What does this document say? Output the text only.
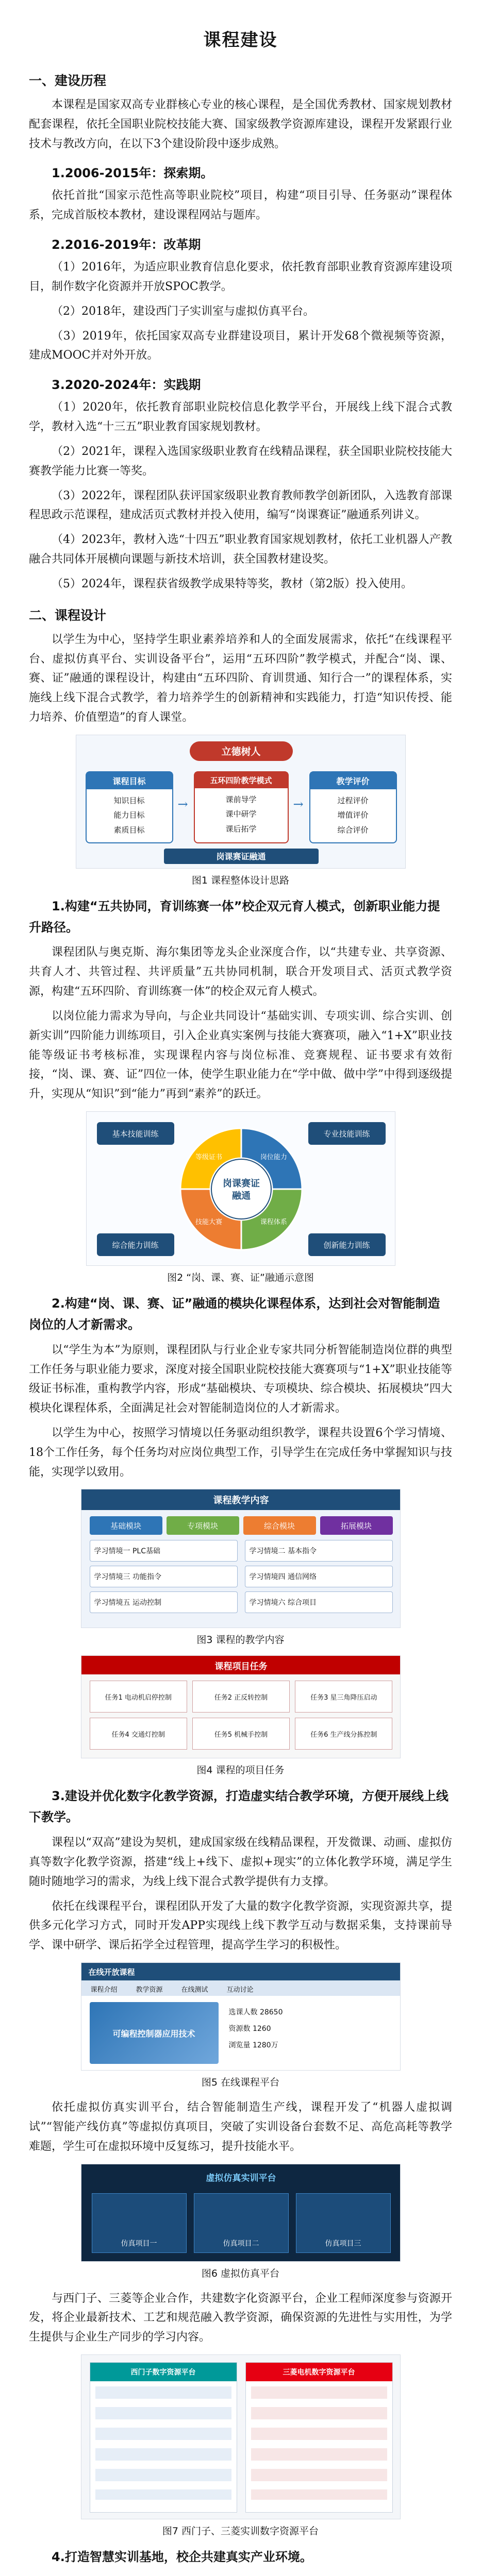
课程建设
一、建设历程

本课程是国家双高专业群核心专业的核心课程，是全国优秀教材、国家规划教材配套课程，依托全国职业院校技能大赛、国家级教学资源库建设，课程开发紧跟行业技术与教改方向，在以下3个建设阶段中逐步成熟。

1.2006-2015年：探索期。

依托首批“国家示范性高等职业院校”项目，构建“项目引导、任务驱动”课程体系，完成首版校本教材，建设课程网站与题库。

2.2016-2019年：改革期

（1）2016年，为适应职业教育信息化要求，依托教育部职业教育资源库建设项目，制作数字化资源并开放SPOC教学。

（2）2018年，建设西门子实训室与虚拟仿真平台。

（3）2019年，依托国家双高专业群建设项目，累计开发68个微视频等资源，建成MOOC并对外开放。

3.2020-2024年：实践期

（1）2020年，依托教育部职业院校信息化教学平台，开展线上线下混合式教学，教材入选“十三五”职业教育国家规划教材。

（2）2021年，课程入选国家级职业教育在线精品课程，获全国职业院校技能大赛教学能力比赛一等奖。

（3）2022年，课程团队获评国家级职业教育教师教学创新团队，入选教育部课程思政示范课程，建成活页式教材并投入使用，编写“岗课赛证”融通系列讲义。

（4）2023年，教材入选“十四五”职业教育国家规划教材，依托工业机器人产教融合共同体开展横向课题与新技术培训，获全国教材建设奖。

（5）2024年，课程获省级教学成果特等奖，教材（第2版）投入使用。

二、课程设计

以学生为中心，坚持学生职业素养培养和人的全面发展需求，依托“在线课程平台、虚拟仿真平台、实训设备平台”，运用“五环四阶”教学模式，并配合“岗、课、赛、证”融通的课程设计，构建由“五环四阶、育训贯通、知行合一”的课程体系，实施线上线下混合式教学，着力培养学生的创新精神和实践能力，打造“知识传授、能力培养、价值塑造”的育人课堂。

立德树人
课程目标
知识目标
能力目标
素质目标
→
五环四阶教学模式
课前导学
课中研学
课后拓学
→
教学评价
过程评价
增值评价
综合评价
岗课赛证融通
图1 课程整体设计思路
1.构建“五共协同，育训练赛一体”校企双元育人模式，创新职业能力提升路径。

课程团队与奥克斯、海尔集团等龙头企业深度合作，以“共建专业、共享资源、共育人才、共管过程、共评质量”五共协同机制，联合开发项目式、活页式教学资源，构建“五环四阶、育训练赛一体”的校企双元育人模式。

以岗位能力需求为导向，与企业共同设计“基础实训、专项实训、综合实训、创新实训”四阶能力训练项目，引入企业真实案例与技能大赛赛项，融入“1+X”职业技能等级证书考核标准，实现课程内容与岗位标准、竞赛规程、证书要求有效衔接，“岗、课、赛、证”四位一体，使学生职业能力在“学中做、做中学”中得到逐级提升，实现从“知识”到“能力”再到“素养”的跃迁。

基本技能训练	专业技能训练
综合能力训练	创新能力训练
岗课赛证
融通
岗位能力
课程体系
技能大赛
等级证书
图2 “岗、课、赛、证”融通示意图
2.构建“岗、课、赛、证”融通的模块化课程体系，达到社会对智能制造岗位的人才新需求。

以“学生为本”为原则，课程团队与行业企业专家共同分析智能制造岗位群的典型工作任务与职业能力要求，深度对接全国职业院校技能大赛赛项与“1+X”职业技能等级证书标准，重构教学内容，形成“基础模块、专项模块、综合模块、拓展模块”四大模块化课程体系，全面满足社会对智能制造岗位的人才新需求。

以学生为中心，按照学习情境以任务驱动组织教学，课程共设置6个学习情境、18个工作任务，每个任务均对应岗位典型工作，引导学生在完成任务中掌握知识与技能，实现学以致用。

课程教学内容
基础模块	专项模块	综合模块	拓展模块
学习情境一 PLC基础	学习情境二 基本指令
学习情境三 功能指令	学习情境四 通信网络
学习情境五 运动控制	学习情境六 综合项目
图3 课程的教学内容
课程项目任务
任务1 电动机启停控制	任务2 正反转控制	任务3 星三角降压启动
任务4 交通灯控制	任务5 机械手控制	任务6 生产线分拣控制
图4 课程的项目任务
3.建设并优化数字化教学资源，打造虚实结合教学环境，方便开展线上线下教学。

课程以“双高”建设为契机，建成国家级在线精品课程，开发微课、动画、虚拟仿真等数字化教学资源，搭建“线上+线下、虚拟+现实”的立体化教学环境，满足学生随时随地学习的需求，为线上线下混合式教学提供有力支撑。

依托在线课程平台，课程团队开发了大量的数字化教学资源，实现资源共享，提供多元化学习方式，同时开发APP实现线上线下教学互动与数据采集，支持课前导学、课中研学、课后拓学全过程管理，提高学生学习的积极性。

在线开放课程
课程介绍	教学资源	在线测试	互动讨论
可编程控制器应用技术
选课人数 28650
资源数 1260
浏览量 1280万
图5 在线课程平台

依托虚拟仿真实训平台，结合智能制造生产线，课程开发了“机器人虚拟调试”“智能产线仿真”等虚拟仿真项目，突破了实训设备台套数不足、高危高耗等教学难题，学生可在虚拟环境中反复练习，提升技能水平。

虚拟仿真实训平台
仿真项目一	仿真项目二	仿真项目三
图6 虚拟仿真平台

与西门子、三菱等企业合作，共建数字化资源平台，企业工程师深度参与资源开发，将企业最新技术、工艺和规范融入教学资源，确保资源的先进性与实用性，为学生提供与企业生产同步的学习内容。

西门子数字资源平台	三菱电机数字资源平台
图7 西门子、三菱实训数字资源平台
4.打造智慧实训基地，校企共建真实产业环境。
